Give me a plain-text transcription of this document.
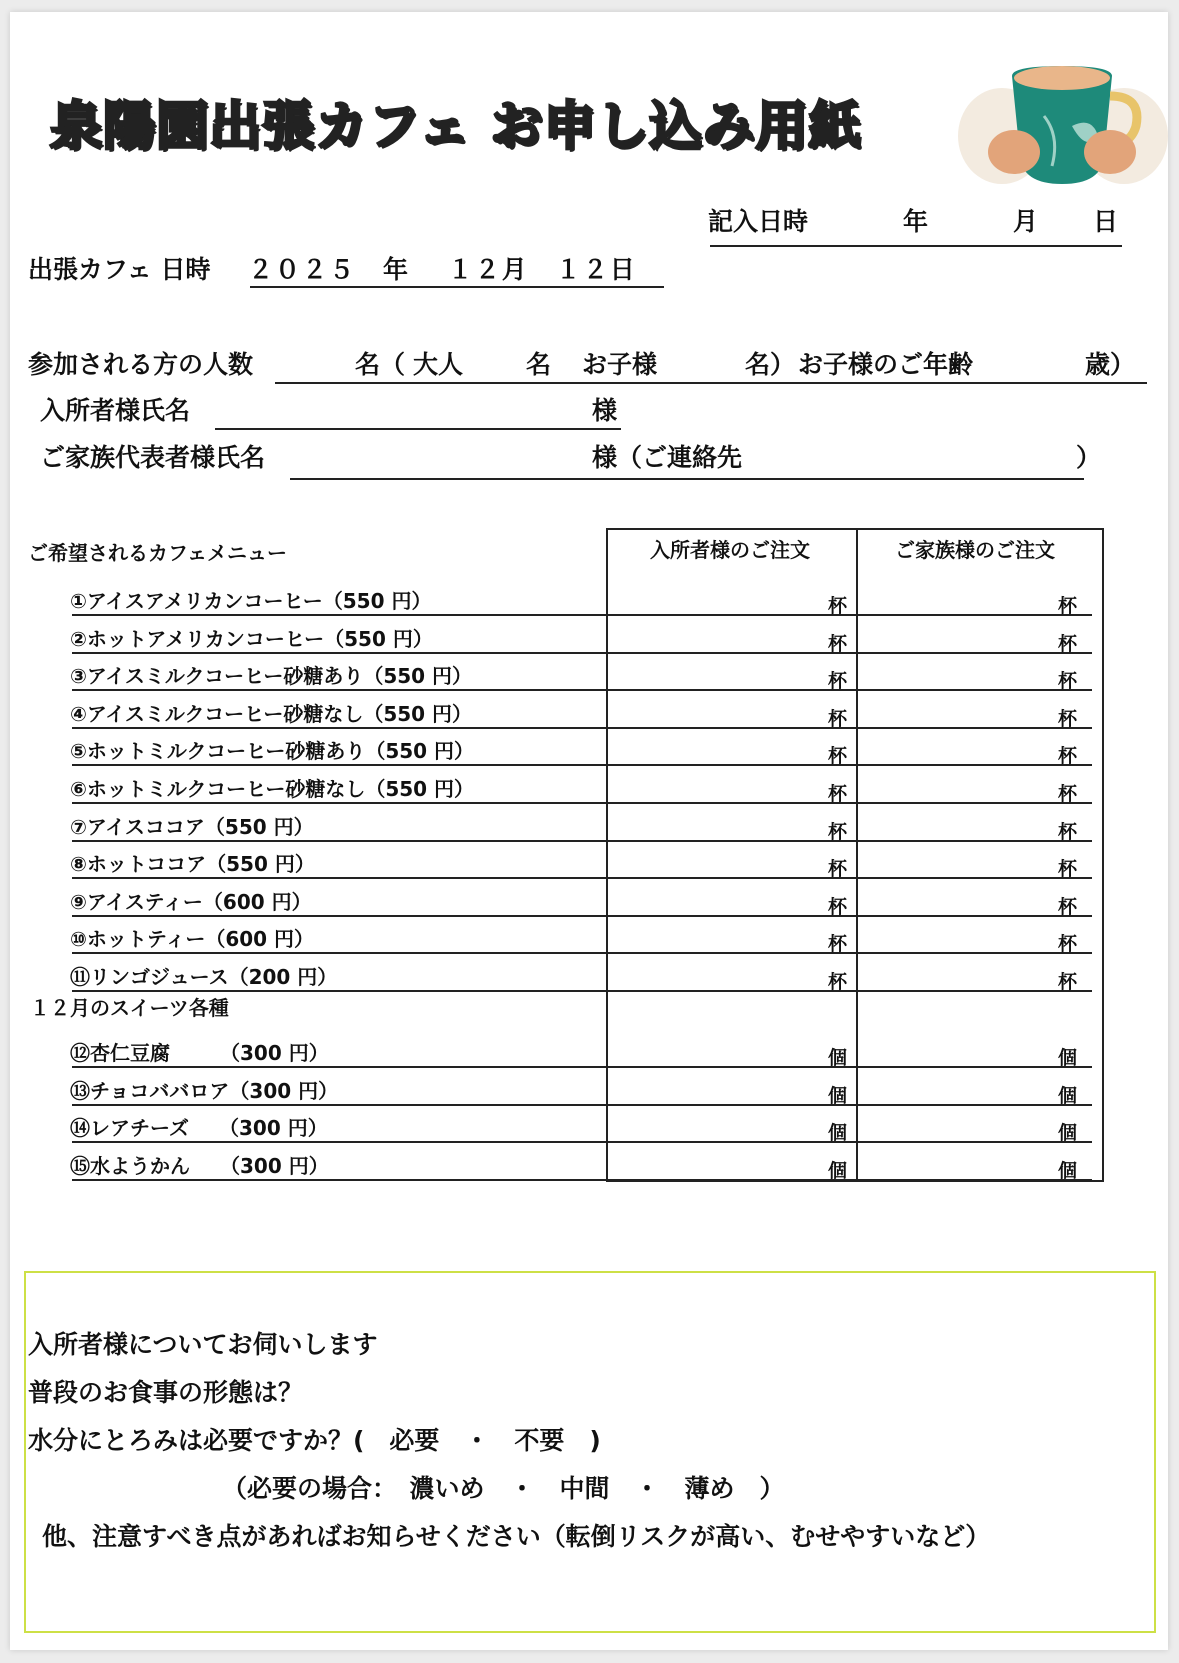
泉陽園出張カフェ お申し込み用紙
記入日時	年	月 日
出張カフェ 日時 ２０２５　年　 １２月　１２日
参加される方の人数	名（ 大人	名 お子様	名） お子様のご年齢	歳）
入所者様氏名	様
ご家族代表者様氏名	様（ご連絡先	）
ご希望されるカフェメニュー	入所者様のご注文	ご家族様のご注文
①アイスアメリカンコーヒー（550 円）	杯	杯
②ホットアメリカンコーヒー（550 円）	杯	杯
③アイスミルクコーヒー砂糖あり（550 円）	杯	杯
④アイスミルクコーヒー砂糖なし（550 円）	杯	杯
⑤ホットミルクコーヒー砂糖あり（550 円）	杯	杯
⑥ホットミルクコーヒー砂糖なし（550 円）	杯	杯
⑦アイスココア（550 円）	杯	杯
⑧ホットココア（550 円）	杯	杯
⑨アイスティー（600 円）	杯	杯
⑩ホットティー（600 円）	杯	杯
⑪リンゴジュース（200 円）	杯	杯
１２月のスイーツ各種
⑫杏仁豆腐　　　（300 円）	個	個
⑬チョコババロア（300 円）	個	個
⑭レアチーズ　　（300 円）	個	個
⑮水ようかん　　（300 円）	個	個
入所者様についてお伺いします
普段のお食事の形態は？
水分にとろみは必要ですか？(　必要　・　不要　)
（必要の場合：　濃いめ　・　中間　・　薄め　）
他、注意すべき点があればお知らせください（転倒リスクが高い、むせやすいなど）
